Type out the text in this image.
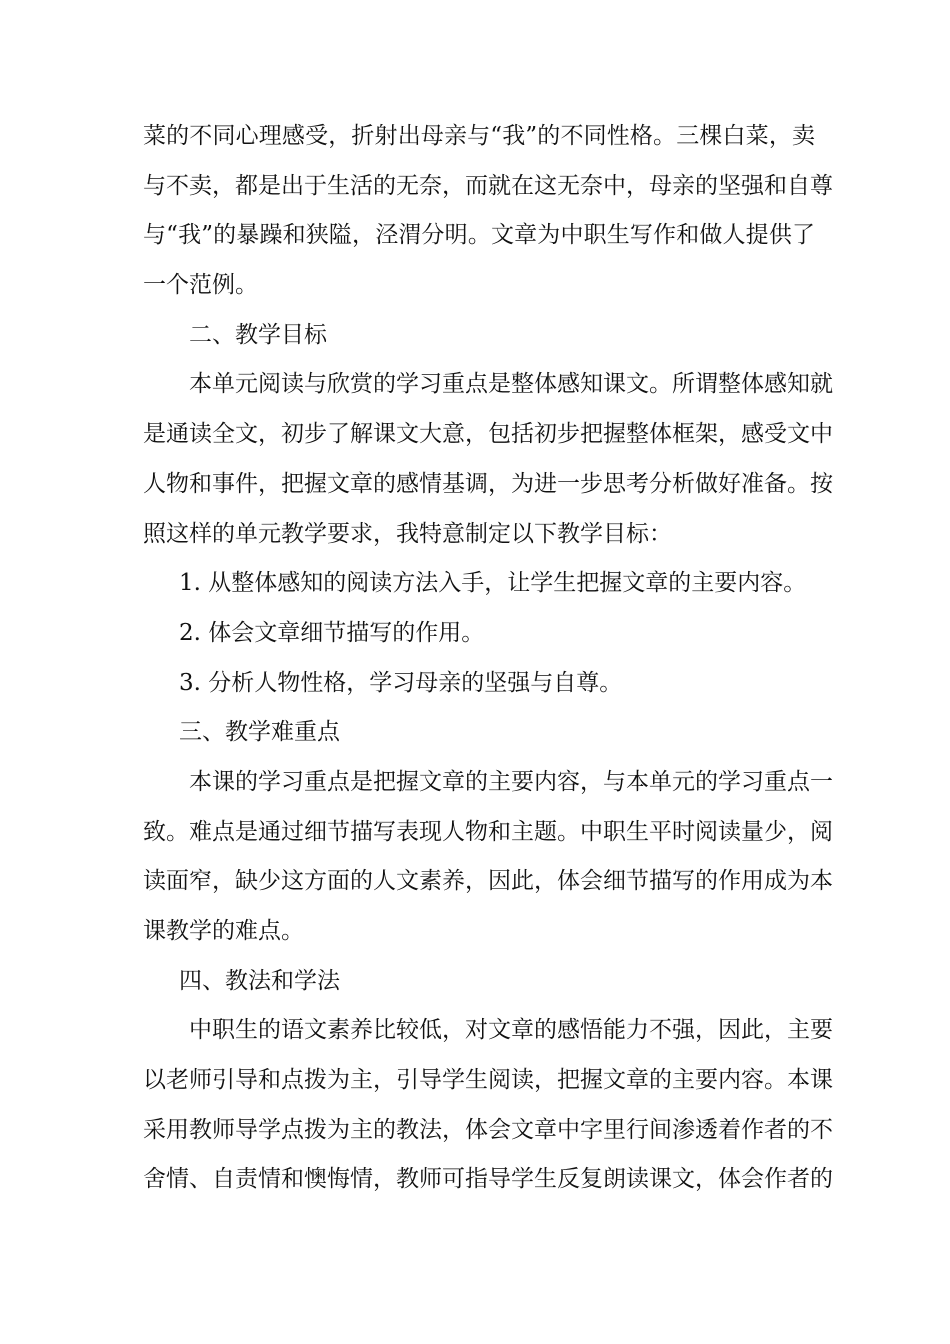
菜的不同心理感受，折射出母亲与“我”的不同性格。三棵白菜，卖
与不卖，都是出于生活的无奈，而就在这无奈中，母亲的坚强和自尊
与“我”的暴躁和狭隘，泾渭分明。文章为中职生写作和做人提供了
一个范例。
二、教学目标
本单元阅读与欣赏的学习重点是整体感知课文。所谓整体感知就
是通读全文，初步了解课文大意，包括初步把握整体框架，感受文中
人物和事件，把握文章的感情基调，为进一步思考分析做好准备。按
照这样的单元教学要求，我特意制定以下教学目标：
1. 从整体感知的阅读方法入手，让学生把握文章的主要内容。
2. 体会文章细节描写的作用。
3. 分析人物性格，学习母亲的坚强与自尊。
三、教学难重点
本课的学习重点是把握文章的主要内容，与本单元的学习重点一
致。难点是通过细节描写表现人物和主题。中职生平时阅读量少，阅
读面窄，缺少这方面的人文素养，因此，体会细节描写的作用成为本
课教学的难点。
四、教法和学法
中职生的语文素养比较低，对文章的感悟能力不强，因此，主要
以老师引导和点拨为主，引导学生阅读，把握文章的主要内容。本课
采用教师导学点拨为主的教法，体会文章中字里行间渗透着作者的不
舍情、自责情和懊悔情，教师可指导学生反复朗读课文，体会作者的
